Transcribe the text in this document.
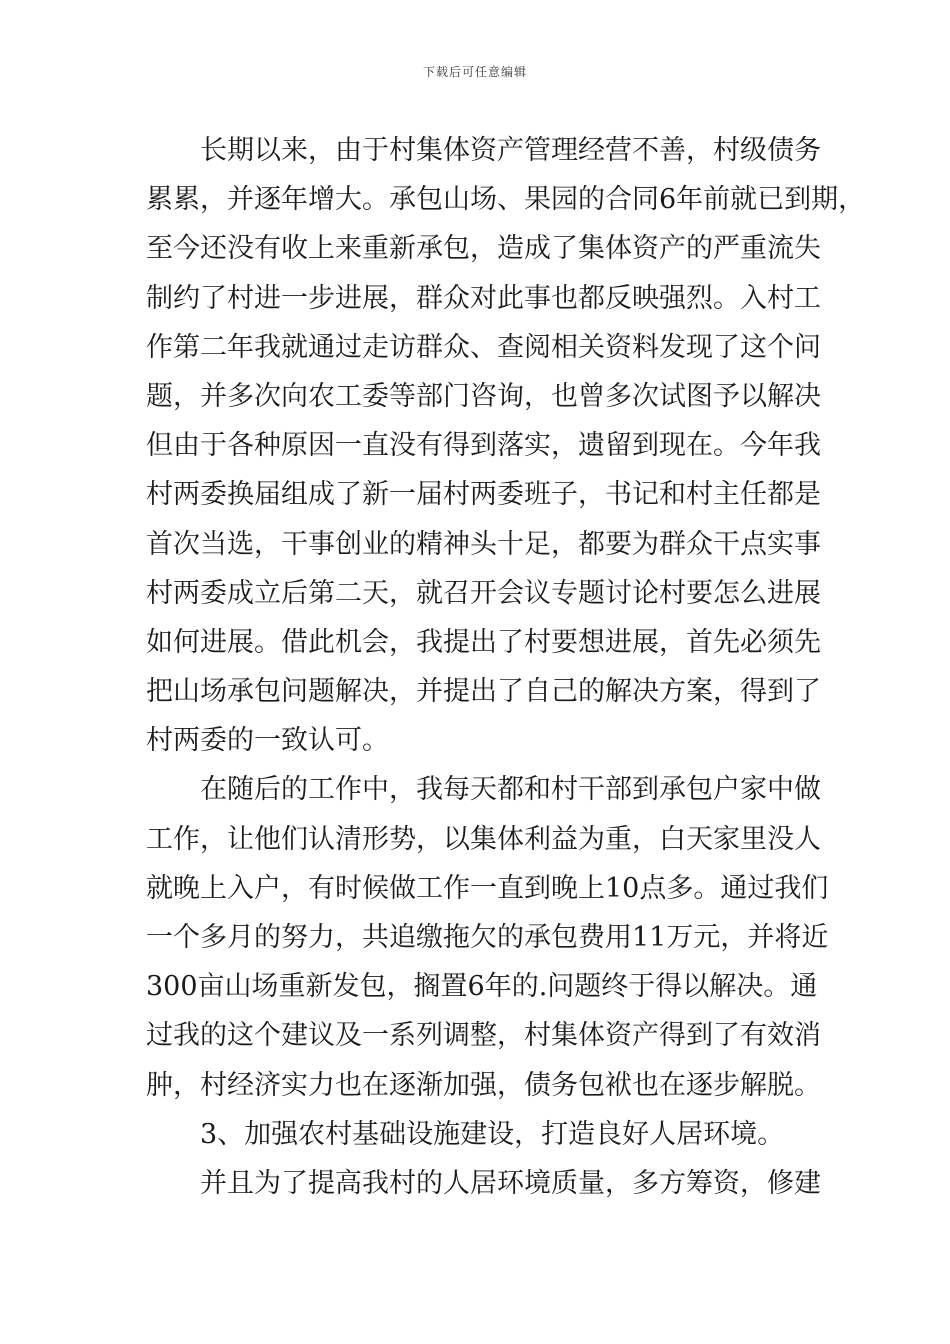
下载后可任意编辑
长期以来，由于村集体资产管理经营不善，村级债务
累累，并逐年增大。承包山场、果园的合同6年前就已到期，
至今还没有收上来重新承包，造成了集体资产的严重流失
制约了村进一步进展，群众对此事也都反映强烈。入村工
作第二年我就通过走访群众、查阅相关资料发现了这个问
题，并多次向农工委等部门咨询，也曾多次试图予以解决
但由于各种原因一直没有得到落实，遗留到现在。今年我
村两委换届组成了新一届村两委班子，书记和村主任都是
首次当选，干事创业的精神头十足，都要为群众干点实事
村两委成立后第二天，就召开会议专题讨论村要怎么进展
如何进展。借此机会，我提出了村要想进展，首先必须先
把山场承包问题解决，并提出了自己的解决方案，得到了
村两委的一致认可。
在随后的工作中，我每天都和村干部到承包户家中做
工作，让他们认清形势，以集体利益为重，白天家里没人
就晚上入户，有时候做工作一直到晚上10点多。通过我们
一个多月的努力，共追缴拖欠的承包费用11万元，并将近
300亩山场重新发包，搁置6年的.问题终于得以解决。通
过我的这个建议及一系列调整，村集体资产得到了有效消
肿，村经济实力也在逐渐加强，债务包袱也在逐步解脱。
3、加强农村基础设施建设，打造良好人居环境。
并且为了提高我村的人居环境质量，多方筹资，修建
